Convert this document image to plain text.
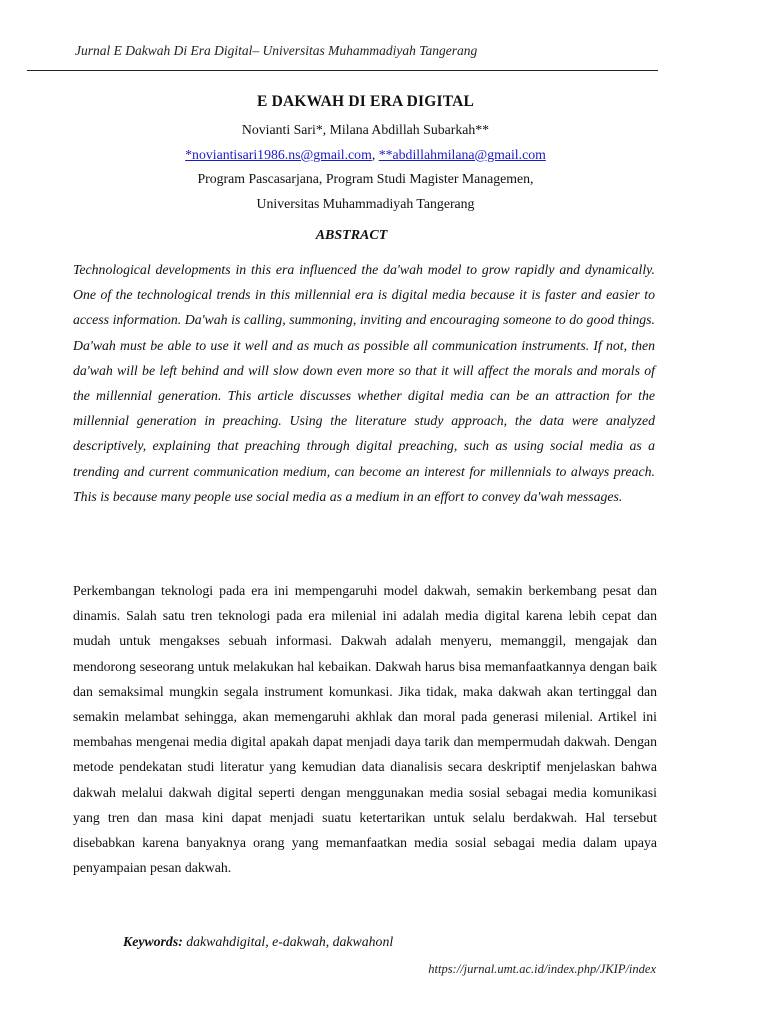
Jurnal E Dakwah Di Era Digital– Universitas Muhammadiyah Tangerang
E DAKWAH DI ERA DIGITAL

Novianti Sari*, Milana Abdillah Subarkah**

*noviantisari1986.ns@gmail.com, **abdillahmilana@gmail.com

Program Pascasarjana, Program Studi Magister Managemen,

Universitas Muhammadiyah Tangerang

ABSTRACT

Technological developments in this era influenced the da'wah model to grow rapidly and dynamically. One of the technological trends in this millennial era is digital media because it is faster and easier to access information. Da'wah is calling, summoning, inviting and encouraging someone to do good things. Da'wah must be able to use it well and as much as possible all communication instruments. If not, then da'wah will be left behind and will slow down even more so that it will affect the morals and morals of the millennial generation. This article discusses whether digital media can be an attraction for the millennial generation in preaching. Using the literature study approach, the data were analyzed descriptively, explaining that preaching through digital preaching, such as using social media as a trending and current communication medium, can become an interest for millennials to always preach. This is because many people use social media as a medium in an effort to convey da'wah messages.

Perkembangan teknologi pada era ini mempengaruhi model dakwah, semakin berkembang pesat dan dinamis. Salah satu tren teknologi pada era milenial ini adalah media digital karena lebih cepat dan mudah untuk mengakses sebuah informasi. Dakwah adalah menyeru, memanggil, mengajak dan mendorong seseorang untuk melakukan hal kebaikan. Dakwah harus bisa memanfaatkannya dengan baik dan semaksimal mungkin segala instrument komunkasi. Jika tidak, maka dakwah akan tertinggal dan semakin melambat sehingga, akan memengaruhi akhlak dan moral pada generasi milenial. Artikel ini membahas mengenai media digital apakah dapat menjadi daya tarik dan mempermudah dakwah. Dengan metode pendekatan studi literatur yang kemudian data dianalisis secara deskriptif menjelaskan bahwa dakwah melalui dakwah digital seperti dengan menggunakan media sosial sebagai media komunikasi yang tren dan masa kini dapat menjadi suatu ketertarikan untuk selalu berdakwah. Hal tersebut disebabkan karena banyaknya orang yang memanfaatkan media sosial sebagai media dalam upaya penyampaian pesan dakwah.

Keywords: dakwahdigital, e-dakwah, dakwahonl
https://jurnal.umt.ac.id/index.php/JKIP/index
